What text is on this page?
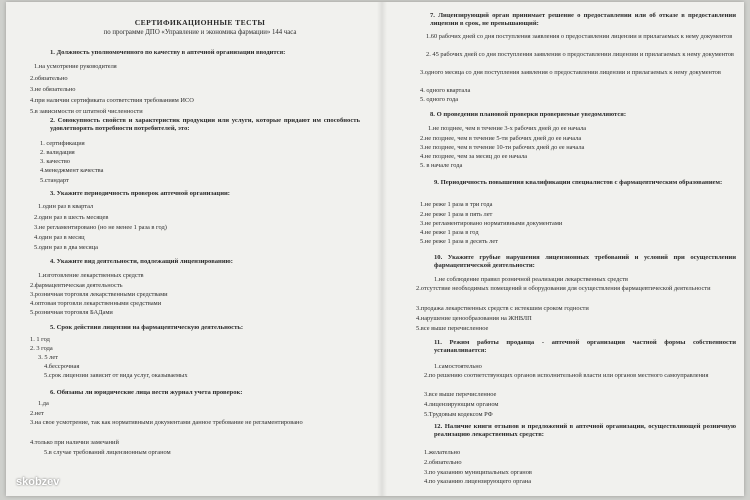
СЕРТИФИКАЦИОННЫЕ ТЕСТЫ
по программе ДПО «Управление и экономика фармации» 144 часа
1. Должность уполномоченного по качеству в аптечной организации вводится:
1.на усмотрение руководителя
2.обязательно
3.не обязательно
4.при наличии сертификата соответствия требованиям ИСО
5.в зависимости от штатной численности
2. Совокупность свойств и характеристик продукции или услуги, которые придают им способность удовлетворять потребности потребителей, это:
1. сертификация
2. валидация
3. качество
4.менеджмент качества
5.стандарт
3. Укажите периодичность проверок аптечной организации:
1.один раз в квартал
2.один раз в шесть месяцев
3.не регламентировано (но не менее 1 раза в год)
4.один раз в месяц
5.один раз в два месяца
4. Укажите вид деятельности, подлежащий лицензированию:
1.изготовление лекарственных средств
2.фармацевтическая деятельность
3.розничная торговля лекарственными средствами
4.оптовая торговли лекарственными средствами
5.розничная торговля БАДами
5. Срок действия лицензии на фармацевтическую деятельность:
1. 1 год
2. 3 года
3. 5 лет
4.бессрочная
5.срок лицензии зависит от вида услуг, оказываемых
6. Обязаны ли юридические лица вести журнал учета проверок:
1.да
2.нет
3.на свое усмотрение, так как нормативными документами данное требование не регламентировано
4.только при наличии замечаний
5.в случае требований лицензионным органом
7. Лицензирующий орган принимает решение о предоставлении или об отказе в предоставлении лицензии в срок, не превышающий:
1.60 рабочих дней со дня поступления заявления о предоставлении лицензии и прилагаемых к нему документов
2. 45 рабочих дней со дня поступления заявления о предоставлении лицензии и прилагаемых к нему документов
3.одного месяца со дня поступления заявления о предоставлении лицензии и прилагаемых к нему документов
4. одного квартала
5. одного года
8. О проведении плановой проверки проверяемые уведомляются:
1.не позднее, чем в течение 3-х рабочих дней до ее начала
2.не позднее, чем в течение 5-ти рабочих дней до ее начала
3.не позднее, чем в течение 10-ти рабочих дней до ее начала
4.не позднее, чем за месяц до ее начала
5. в начале года
9. Периодичность повышения квалификации специалистов с фармацевтическим образованием:
1.не реже 1 раза в три года
2.не реже 1 раза в пять лет
3.не регламентировано нормативными документами
4.не реже 1 раза в год
5.не реже 1 раза в десять лет
10. Укажите грубые нарушения лицензионных требований и условий при осуществлении фармацевтической деятельности:
1.не соблюдение правил розничной реализации лекарственных средств
2.отсутствие необходимых помещений и оборудования для осуществления фармацевтической деятельности
3.продажа лекарственных средств с истекшим сроком годности
4.нарушение ценообразования на ЖНВЛП
5.все выше перечисленное
11. Режим работы продавца - аптечной организации частной формы собственности устанавливается:
1.самостоятельно
2.по решению соответствующих органов исполнительной власти или органов местного самоуправления
3.все выше перечисленное
4.лицензирующим органом
5.Трудовым кодексом РФ
12. Наличие книги отзывов и предложений в аптечной организации, осуществляющей розничную реализацию лекарственных средств:
1.желательно
2.обязательно
3.по указанию муниципальных органов
4.по указанию лицензирующего органа
skobzev
